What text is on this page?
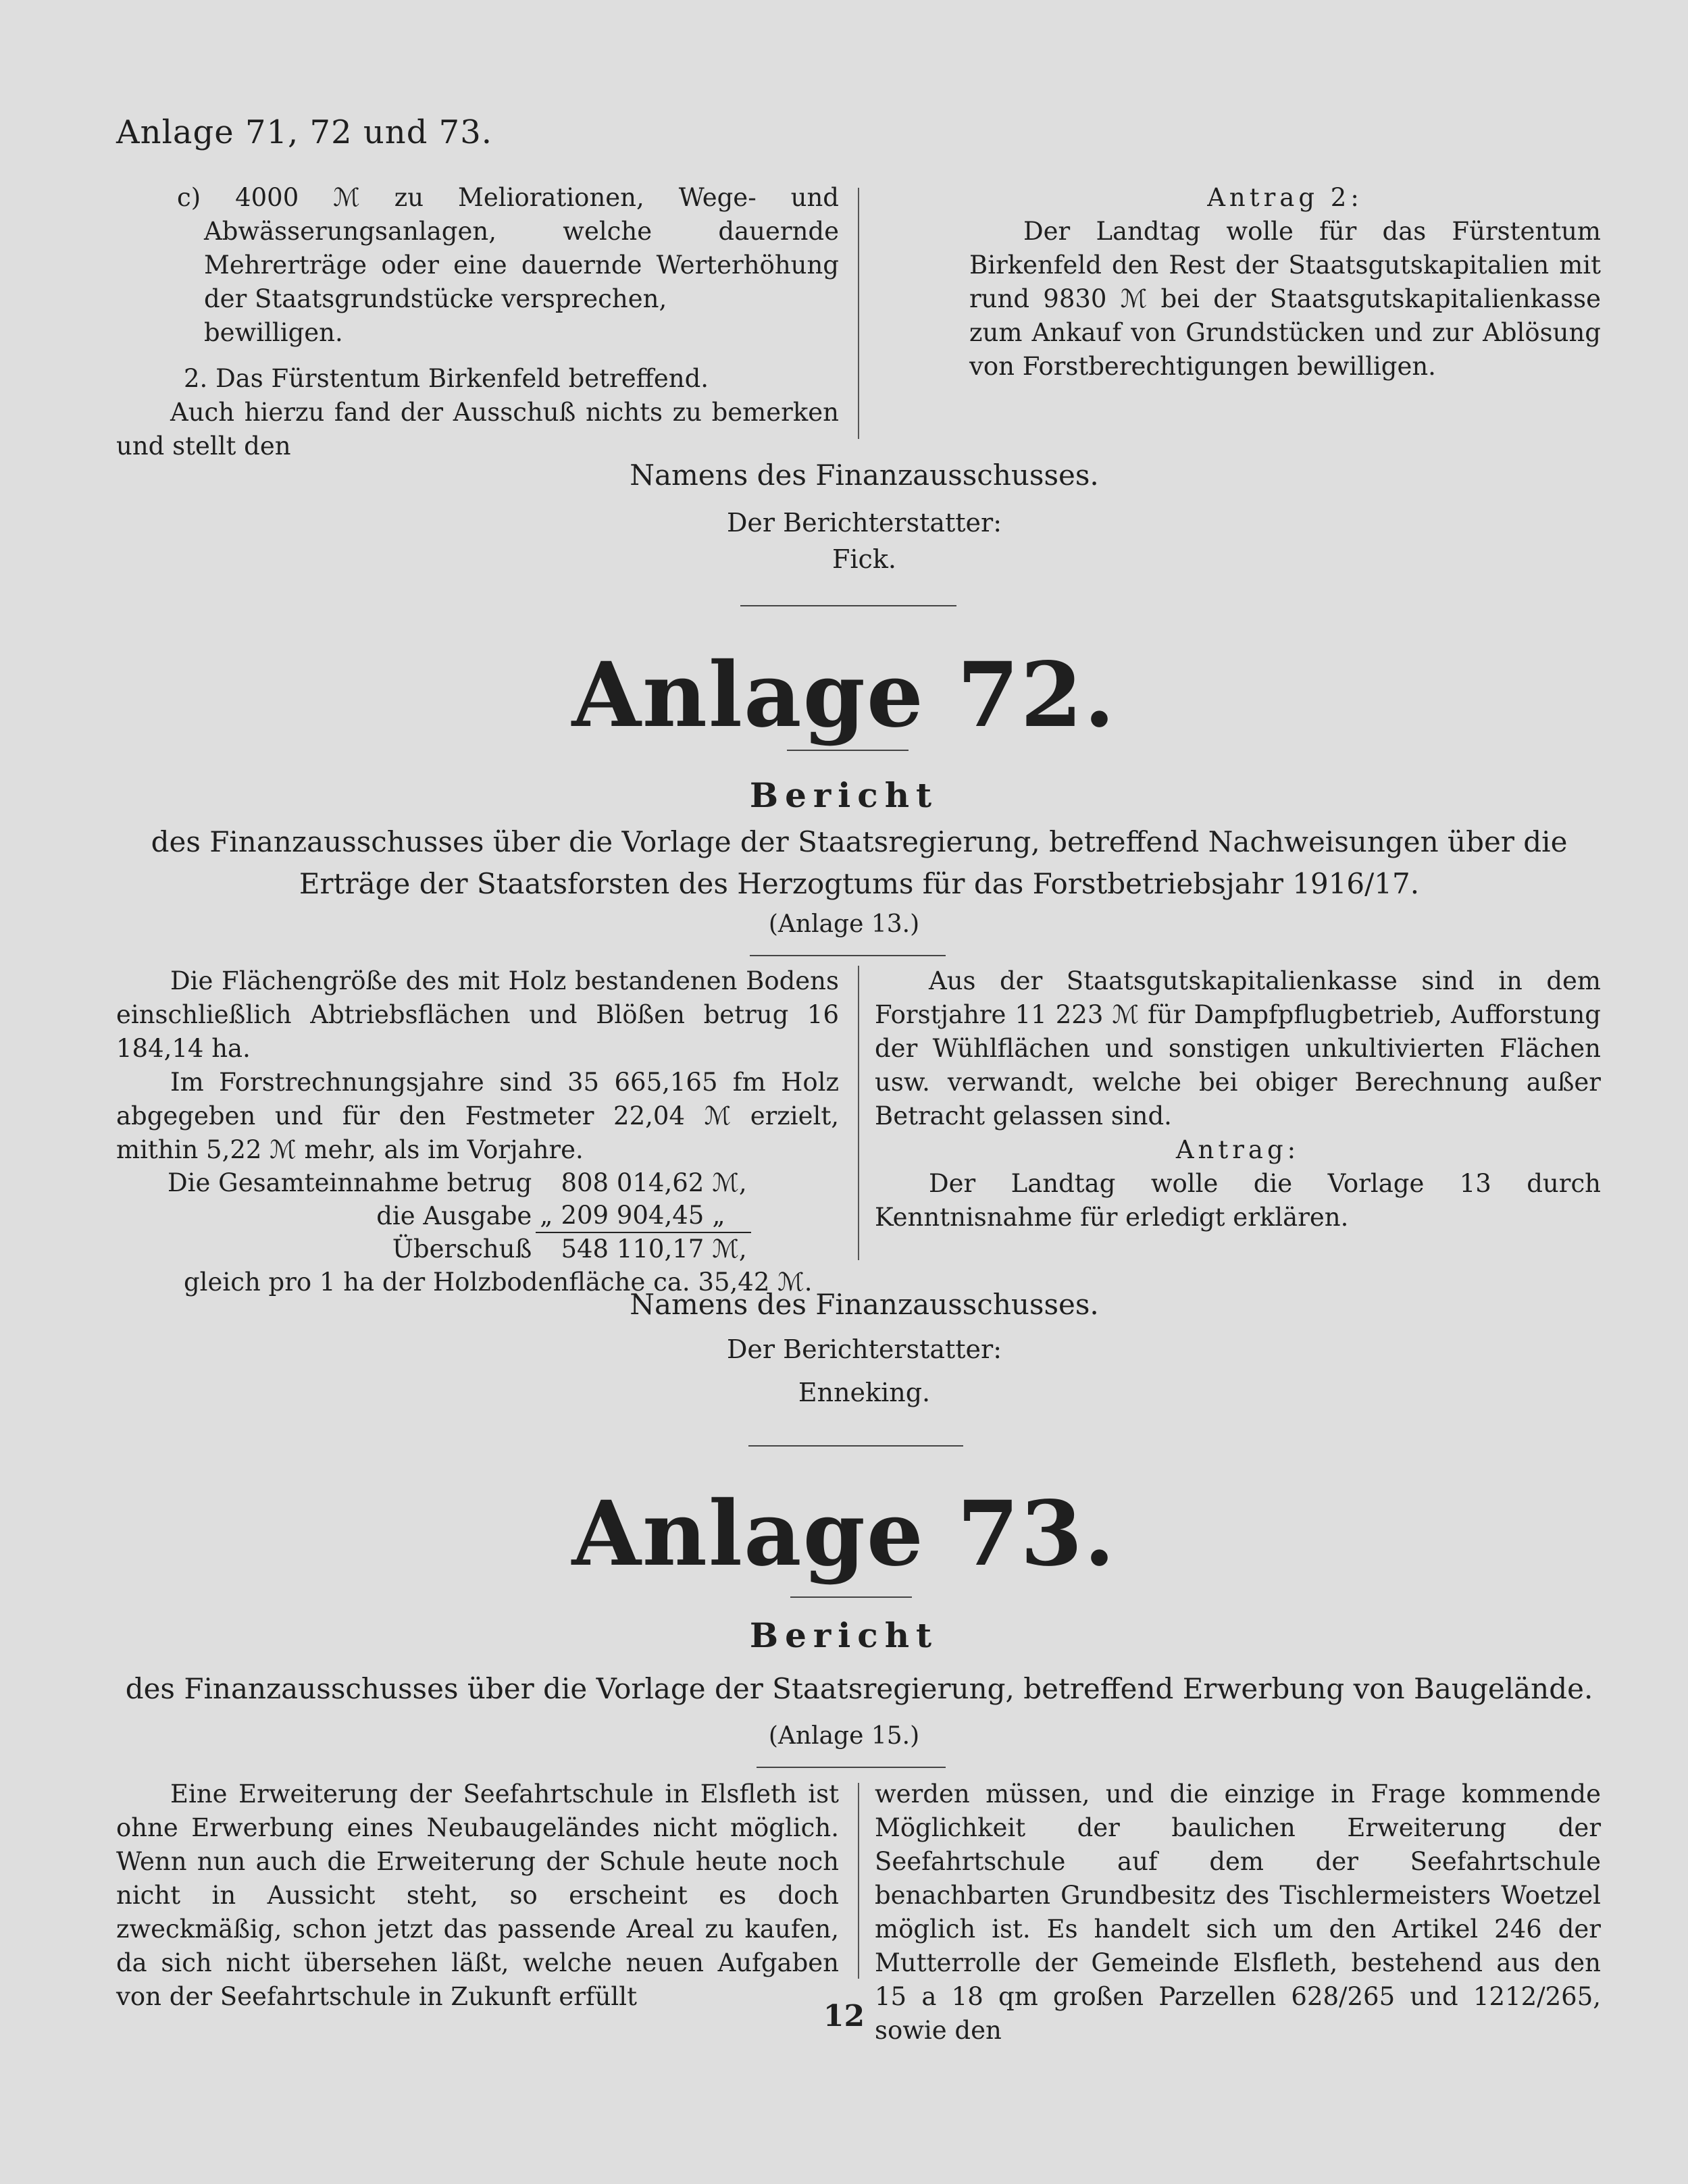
Anlage 71, 72 und 73.

c) 4000 ℳ zu Meliorationen, Wege- und Abwässerungsanlagen, welche dauernde Mehrerträge oder eine dauernde Werterhöhung der Staatsgrundstücke versprechen,

bewilligen.

2. Das Fürstentum Birkenfeld betreffend.

Auch hierzu fand der Ausschuß nichts zu bemerken und stellt den

Antrag 2:

Der Landtag wolle für das Fürstentum Birkenfeld den Rest der Staatsgutskapitalien mit rund 9830 ℳ bei der Staatsgutskapitalienkasse zum Ankauf von Grundstücken und zur Ablösung von Forstberechtigungen bewilligen.

Namens des Finanzausschusses.
Der Berichterstatter:
Fick.
Anlage 72.
Bericht
des Finanzausschusses über die Vorlage der Staatsregierung, betreffend Nachweisungen über die Erträge der Staatsforsten des Herzogtums für das Forstbetriebsjahr 1916/17.
(Anlage 13.)

Die Flächengröße des mit Holz bestandenen Bodens einschließlich Abtriebsflächen und Blößen betrug 16 184,14 ha.

Im Forstrechnungsjahre sind 35 665,165 fm Holz abgegeben und für den Festmeter 22,04 ℳ erzielt, mithin 5,22 ℳ mehr, als im Vorjahre.

Die Gesamteinnahme betrug		808 014,62	ℳ,
die Ausgabe	„	209 904,45	„
Überschuß		548 110,17	ℳ,

gleich pro 1 ha der Holzbodenfläche ca. 35,42 ℳ.

Aus der Staatsgutskapitalienkasse sind in dem Forstjahre 11 223 ℳ für Dampfpflugbetrieb, Aufforstung der Wühlflächen und sonstigen unkultivierten Flächen usw. verwandt, welche bei obiger Berechnung außer Betracht gelassen sind.

Antrag:

Der Landtag wolle die Vorlage 13 durch Kenntnisnahme für erledigt erklären.

Namens des Finanzausschusses.
Der Berichterstatter:
Enneking.
Anlage 73.
Bericht
des Finanzausschusses über die Vorlage der Staatsregierung, betreffend Erwerbung von Baugelände.
(Anlage 15.)

Eine Erweiterung der Seefahrtschule in Elsfleth ist ohne Erwerbung eines Neubaugeländes nicht möglich. Wenn nun auch die Erweiterung der Schule heute noch nicht in Aussicht steht, so erscheint es doch zweckmäßig, schon jetzt das passende Areal zu kaufen, da sich nicht übersehen läßt, welche neuen Aufgaben von der Seefahrtschule in Zukunft erfüllt

werden müssen, und die einzige in Frage kommende Möglichkeit der baulichen Erweiterung der Seefahrtschule auf dem der Seefahrtschule benachbarten Grundbesitz des Tischlermeisters Woetzel möglich ist. Es handelt sich um den Artikel 246 der Mutterrolle der Gemeinde Elsfleth, bestehend aus den 15 a 18 qm großen Parzellen 628/265 und 1212/265, sowie den

12
